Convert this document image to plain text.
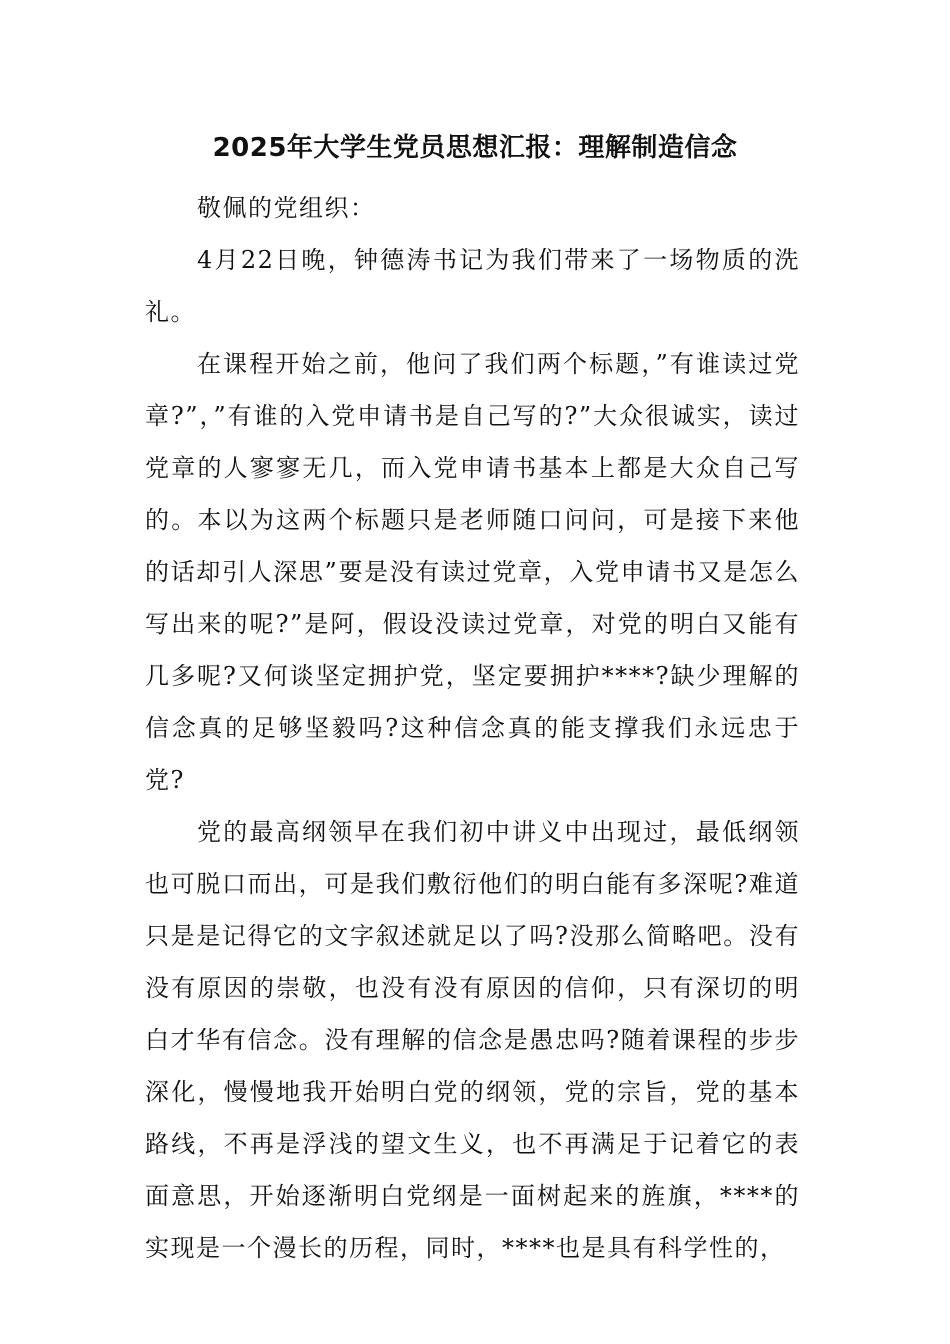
2025年大学生党员思想汇报：理解制造信念

敬佩的党组织：

4月22日晚，钟德涛书记为我们带来了一场物质的洗礼。

在课程开始之前，他问了我们两个标题，”有谁读过党章?”，”有谁的入党申请书是自己写的?”大众很诚实，读过党章的人寥寥无几，而入党申请书基本上都是大众自己写的。本以为这两个标题只是老师随口问问，可是接下来他的话却引人深思”要是没有读过党章，入党申请书又是怎么写出来的呢?”是阿，假设没读过党章，对党的明白又能有几多呢?又何谈坚定拥护党，坚定要拥护****?缺少理解的信念真的足够坚毅吗?这种信念真的能支撑我们永远忠于党?

党的最高纲领早在我们初中讲义中出现过，最低纲领也可脱口而出，可是我们敷衍他们的明白能有多深呢?难道只是是记得它的文字叙述就足以了吗?没那么简略吧。没有没有原因的崇敬，也没有没有原因的信仰，只有深切的明白才华有信念。没有理解的信念是愚忠吗?随着课程的步步深化，慢慢地我开始明白党的纲领，党的宗旨，党的基本路线，不再是浮浅的望文生义，也不再满足于记着它的表面意思，开始逐渐明白党纲是一面树起来的旌旗，****的实现是一个漫长的历程，同时，****也是具有科学性的，
